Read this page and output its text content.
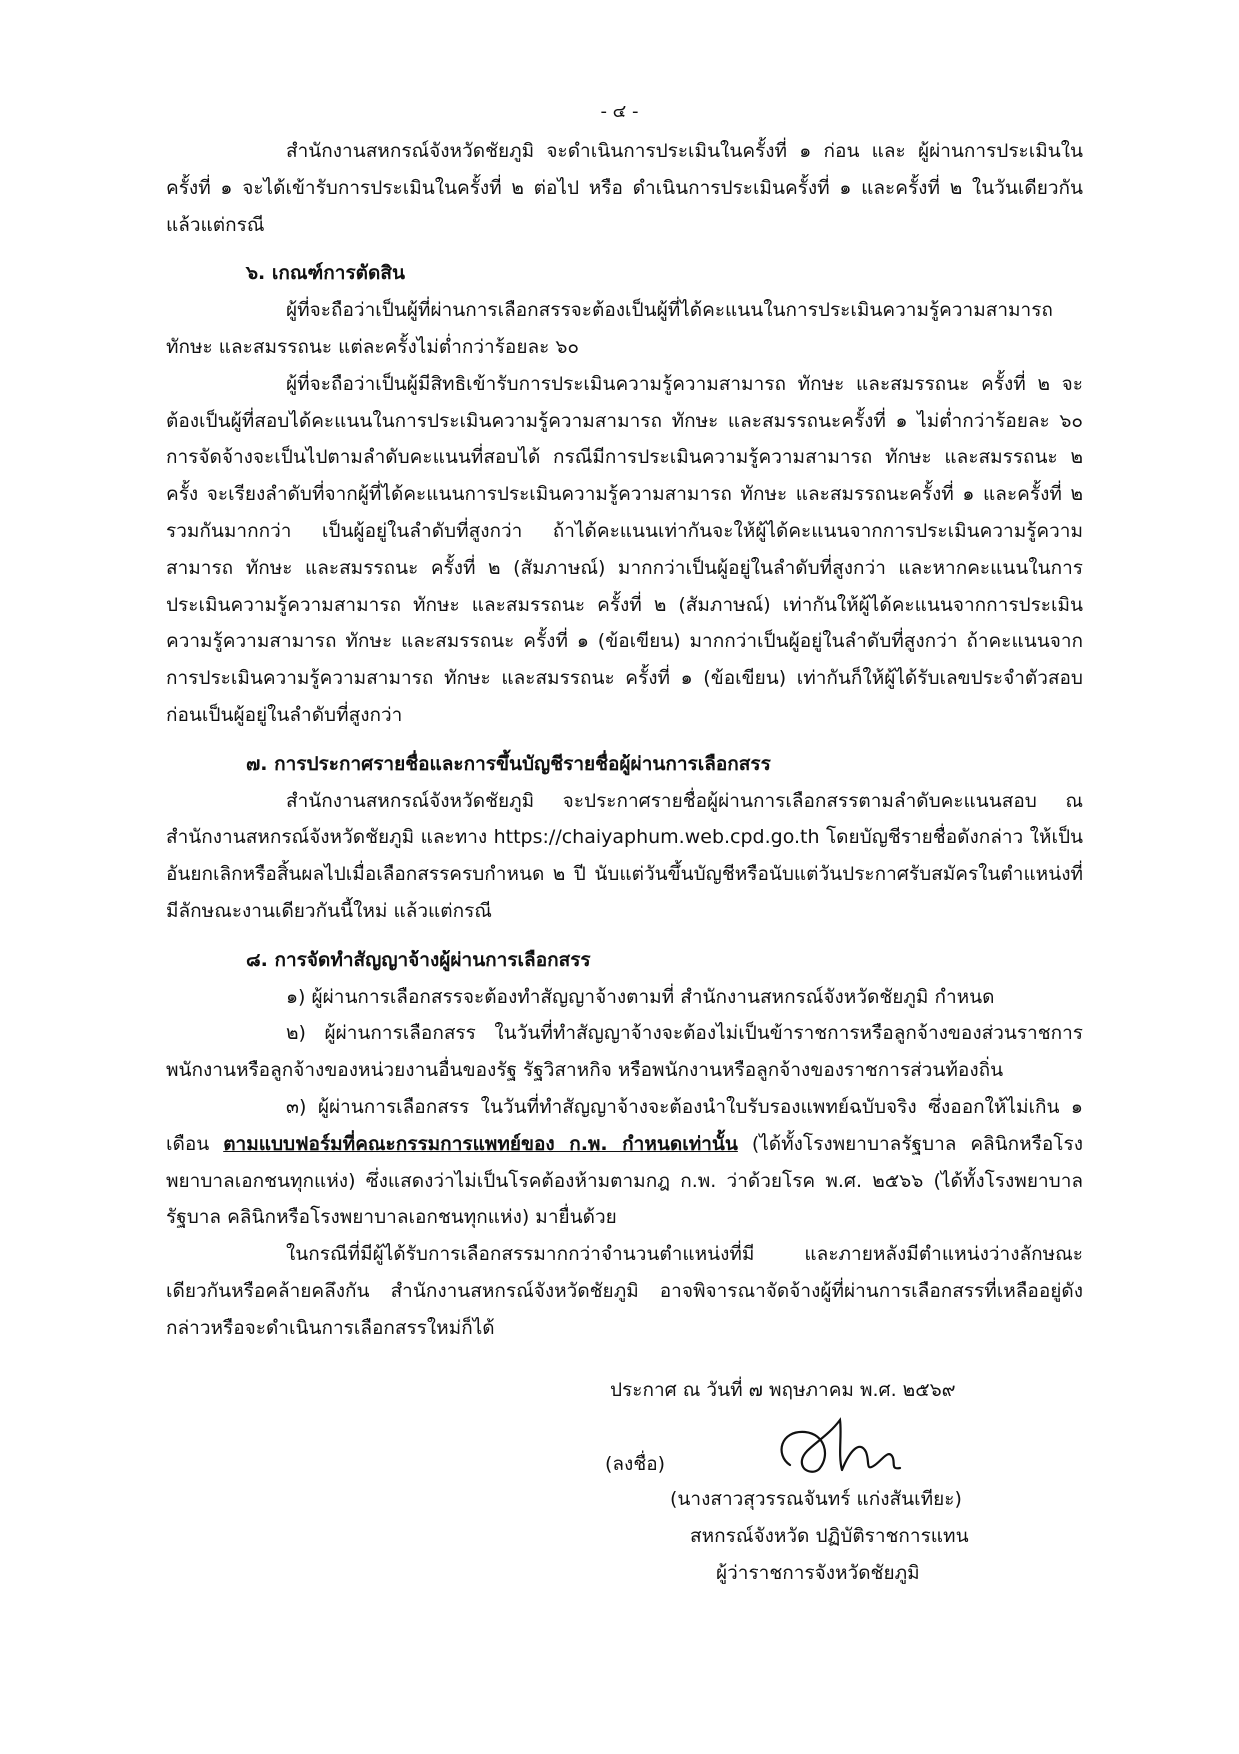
- ๔ -

สำนักงานสหกรณ์จังหวัดชัยภูมิ จะดำเนินการประเมินในครั้งที่ ๑ ก่อน และ ผู้ผ่านการประเมินในครั้งที่ ๑ จะได้เข้ารับการประเมินในครั้งที่ ๒ ต่อไป หรือ ดำเนินการประเมินครั้งที่ ๑ และครั้งที่ ๒ ในวันเดียวกัน แล้วแต่กรณี

๖. เกณฑ์การตัดสิน

ผู้ที่จะถือว่าเป็นผู้ที่ผ่านการเลือกสรรจะต้องเป็นผู้ที่ได้คะแนนในการประเมินความรู้ความสามารถ ทักษะ และสมรรถนะ แต่ละครั้งไม่ต่ำกว่าร้อยละ ๖๐

ผู้ที่จะถือว่าเป็นผู้มีสิทธิเข้ารับการประเมินความรู้ความสามารถ ทักษะ และสมรรถนะ ครั้งที่ ๒ จะต้องเป็นผู้ที่สอบได้คะแนนในการประเมินความรู้ความสามารถ ทักษะ และสมรรถนะครั้งที่ ๑ ไม่ต่ำกว่าร้อยละ ๖๐ การจัดจ้างจะเป็นไปตามลำดับคะแนนที่สอบได้ กรณีมีการประเมินความรู้ความสามารถ ทักษะ และสมรรถนะ ๒ ครั้ง จะเรียงลำดับที่จากผู้ที่ได้คะแนนการประเมินความรู้ความสามารถ ทักษะ และสมรรถนะครั้งที่ ๑ และครั้งที่ ๒ รวมกันมากกว่า เป็นผู้อยู่ในลำดับที่สูงกว่า ถ้าได้คะแนนเท่ากันจะให้ผู้ได้คะแนนจากการประเมินความรู้ความสามารถ ทักษะ และสมรรถนะ ครั้งที่ ๒ (สัมภาษณ์) มากกว่าเป็นผู้อยู่ในลำดับที่สูงกว่า และหากคะแนนในการประเมินความรู้ความสามารถ ทักษะ และสมรรถนะ ครั้งที่ ๒ (สัมภาษณ์) เท่ากันให้ผู้ได้คะแนนจากการประเมินความรู้ความสามารถ ทักษะ และสมรรถนะ ครั้งที่ ๑ (ข้อเขียน) มากกว่าเป็นผู้อยู่ในลำดับที่สูงกว่า ถ้าคะแนนจากการประเมินความรู้ความสามารถ ทักษะ และสมรรถนะ ครั้งที่ ๑ (ข้อเขียน) เท่ากันก็ให้ผู้ได้รับเลขประจำตัวสอบก่อนเป็นผู้อยู่ในลำดับที่สูงกว่า

๗. การประกาศรายชื่อและการขึ้นบัญชีรายชื่อผู้ผ่านการเลือกสรร

สำนักงานสหกรณ์จังหวัดชัยภูมิ จะประกาศรายชื่อผู้ผ่านการเลือกสรรตามลำดับคะแนนสอบ ณ สำนักงานสหกรณ์จังหวัดชัยภูมิ และทาง https://chaiyaphum.web.cpd.go.th โดยบัญชีรายชื่อดังกล่าว ให้เป็นอันยกเลิกหรือสิ้นผลไปเมื่อเลือกสรรครบกำหนด ๒ ปี นับแต่วันขึ้นบัญชีหรือนับแต่วันประกาศรับสมัครในตำแหน่งที่มีลักษณะงานเดียวกันนี้ใหม่ แล้วแต่กรณี

๘. การจัดทำสัญญาจ้างผู้ผ่านการเลือกสรร

๑) ผู้ผ่านการเลือกสรรจะต้องทำสัญญาจ้างตามที่ สำนักงานสหกรณ์จังหวัดชัยภูมิ กำหนด

๒) ผู้ผ่านการเลือกสรร ในวันที่ทำสัญญาจ้างจะต้องไม่เป็นข้าราชการหรือลูกจ้างของส่วนราชการ พนักงานหรือลูกจ้างของหน่วยงานอื่นของรัฐ รัฐวิสาหกิจ หรือพนักงานหรือลูกจ้างของราชการส่วนท้องถิ่น

๓) ผู้ผ่านการเลือกสรร ในวันที่ทำสัญญาจ้างจะต้องนำใบรับรองแพทย์ฉบับจริง ซึ่งออกให้ไม่เกิน ๑ เดือน ตามแบบฟอร์มที่คณะกรรมการแพทย์ของ ก.พ. กำหนดเท่านั้น (ได้ทั้งโรงพยาบาลรัฐบาล คลินิกหรือโรงพยาบาลเอกชนทุกแห่ง) ซึ่งแสดงว่าไม่เป็นโรคต้องห้ามตามกฎ ก.พ. ว่าด้วยโรค พ.ศ. ๒๕๖๖ (ได้ทั้งโรงพยาบาลรัฐบาล คลินิกหรือโรงพยาบาลเอกชนทุกแห่ง) มายื่นด้วย

ในกรณีที่มีผู้ได้รับการเลือกสรรมากกว่าจำนวนตำแหน่งที่มี และภายหลังมีตำแหน่งว่างลักษณะเดียวกันหรือคล้ายคลึงกัน สำนักงานสหกรณ์จังหวัดชัยภูมิ อาจพิจารณาจัดจ้างผู้ที่ผ่านการเลือกสรรที่เหลืออยู่ดังกล่าวหรือจะดำเนินการเลือกสรรใหม่ก็ได้

ประกาศ ณ วันที่ ๗ พฤษภาคม พ.ศ. ๒๕๖๙
(ลงชื่อ)
(นางสาวสุวรรณจันทร์ แก่งสันเทียะ)
สหกรณ์จังหวัด ปฏิบัติราชการแทน
ผู้ว่าราชการจังหวัดชัยภูมิ
